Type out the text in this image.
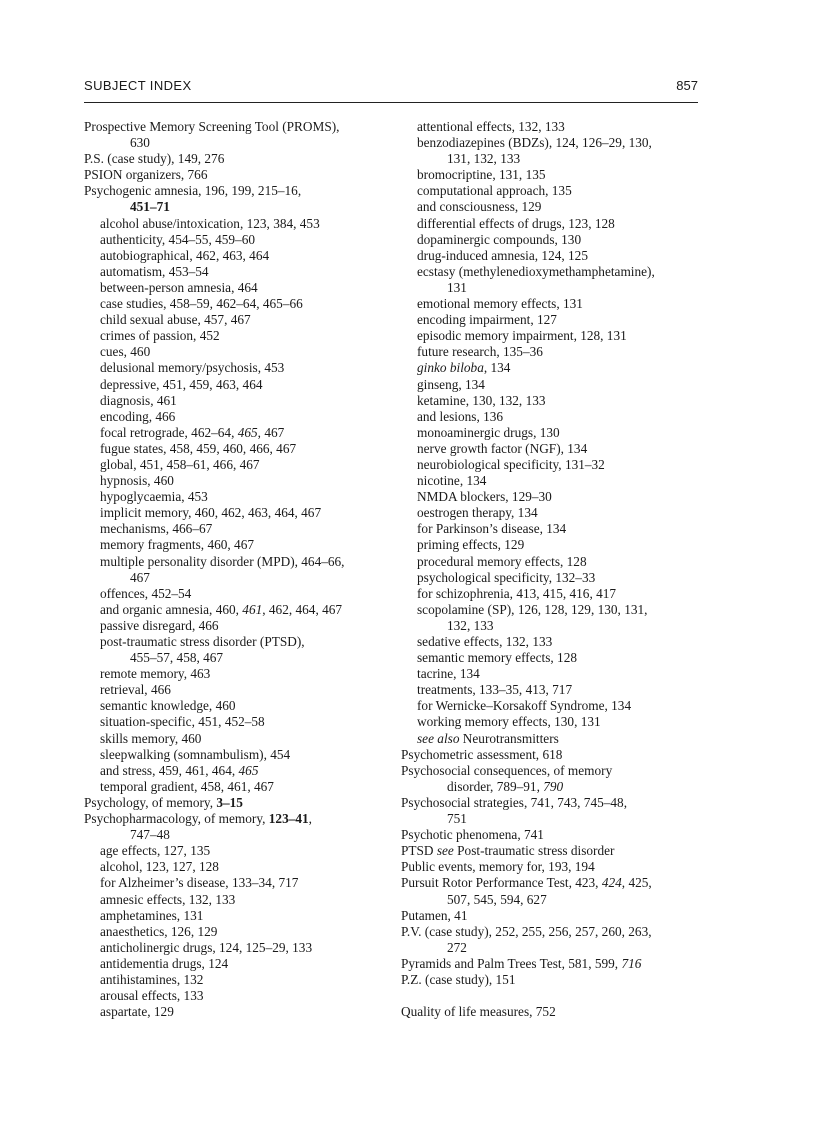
SUBJECT INDEX	857
Prospective Memory Screening Tool (PROMS),
630
P.S. (case study), 149, 276
PSION organizers, 766
Psychogenic amnesia, 196, 199, 215–16,
451–71
alcohol abuse/intoxication, 123, 384, 453
authenticity, 454–55, 459–60
autobiographical, 462, 463, 464
automatism, 453–54
between-person amnesia, 464
case studies, 458–59, 462–64, 465–66
child sexual abuse, 457, 467
crimes of passion, 452
cues, 460
delusional memory/psychosis, 453
depressive, 451, 459, 463, 464
diagnosis, 461
encoding, 466
focal retrograde, 462–64, 465, 467
fugue states, 458, 459, 460, 466, 467
global, 451, 458–61, 466, 467
hypnosis, 460
hypoglycaemia, 453
implicit memory, 460, 462, 463, 464, 467
mechanisms, 466–67
memory fragments, 460, 467
multiple personality disorder (MPD), 464–66,
467
offences, 452–54
and organic amnesia, 460, 461, 462, 464, 467
passive disregard, 466
post-traumatic stress disorder (PTSD),
455–57, 458, 467
remote memory, 463
retrieval, 466
semantic knowledge, 460
situation-specific, 451, 452–58
skills memory, 460
sleepwalking (somnambulism), 454
and stress, 459, 461, 464, 465
temporal gradient, 458, 461, 467
Psychology, of memory, 3–15
Psychopharmacology, of memory, 123–41,
747–48
age effects, 127, 135
alcohol, 123, 127, 128
for Alzheimer’s disease, 133–34, 717
amnesic effects, 132, 133
amphetamines, 131
anaesthetics, 126, 129
anticholinergic drugs, 124, 125–29, 133
antidementia drugs, 124
antihistamines, 132
arousal effects, 133
aspartate, 129
attentional effects, 132, 133
benzodiazepines (BDZs), 124, 126–29, 130,
131, 132, 133
bromocriptine, 131, 135
computational approach, 135
and consciousness, 129
differential effects of drugs, 123, 128
dopaminergic compounds, 130
drug-induced amnesia, 124, 125
ecstasy (methylenedioxymethamphetamine),
131
emotional memory effects, 131
encoding impairment, 127
episodic memory impairment, 128, 131
future research, 135–36
ginko biloba, 134
ginseng, 134
ketamine, 130, 132, 133
and lesions, 136
monoaminergic drugs, 130
nerve growth factor (NGF), 134
neurobiological specificity, 131–32
nicotine, 134
NMDA blockers, 129–30
oestrogen therapy, 134
for Parkinson’s disease, 134
priming effects, 129
procedural memory effects, 128
psychological specificity, 132–33
for schizophrenia, 413, 415, 416, 417
scopolamine (SP), 126, 128, 129, 130, 131,
132, 133
sedative effects, 132, 133
semantic memory effects, 128
tacrine, 134
treatments, 133–35, 413, 717
for Wernicke–Korsakoff Syndrome, 134
working memory effects, 130, 131
see also Neurotransmitters
Psychometric assessment, 618
Psychosocial consequences, of memory
disorder, 789–91, 790
Psychosocial strategies, 741, 743, 745–48,
751
Psychotic phenomena, 741
PTSD see Post-traumatic stress disorder
Public events, memory for, 193, 194
Pursuit Rotor Performance Test, 423, 424, 425,
507, 545, 594, 627
Putamen, 41
P.V. (case study), 252, 255, 256, 257, 260, 263,
272
Pyramids and Palm Trees Test, 581, 599, 716
P.Z. (case study), 151
Quality of life measures, 752
